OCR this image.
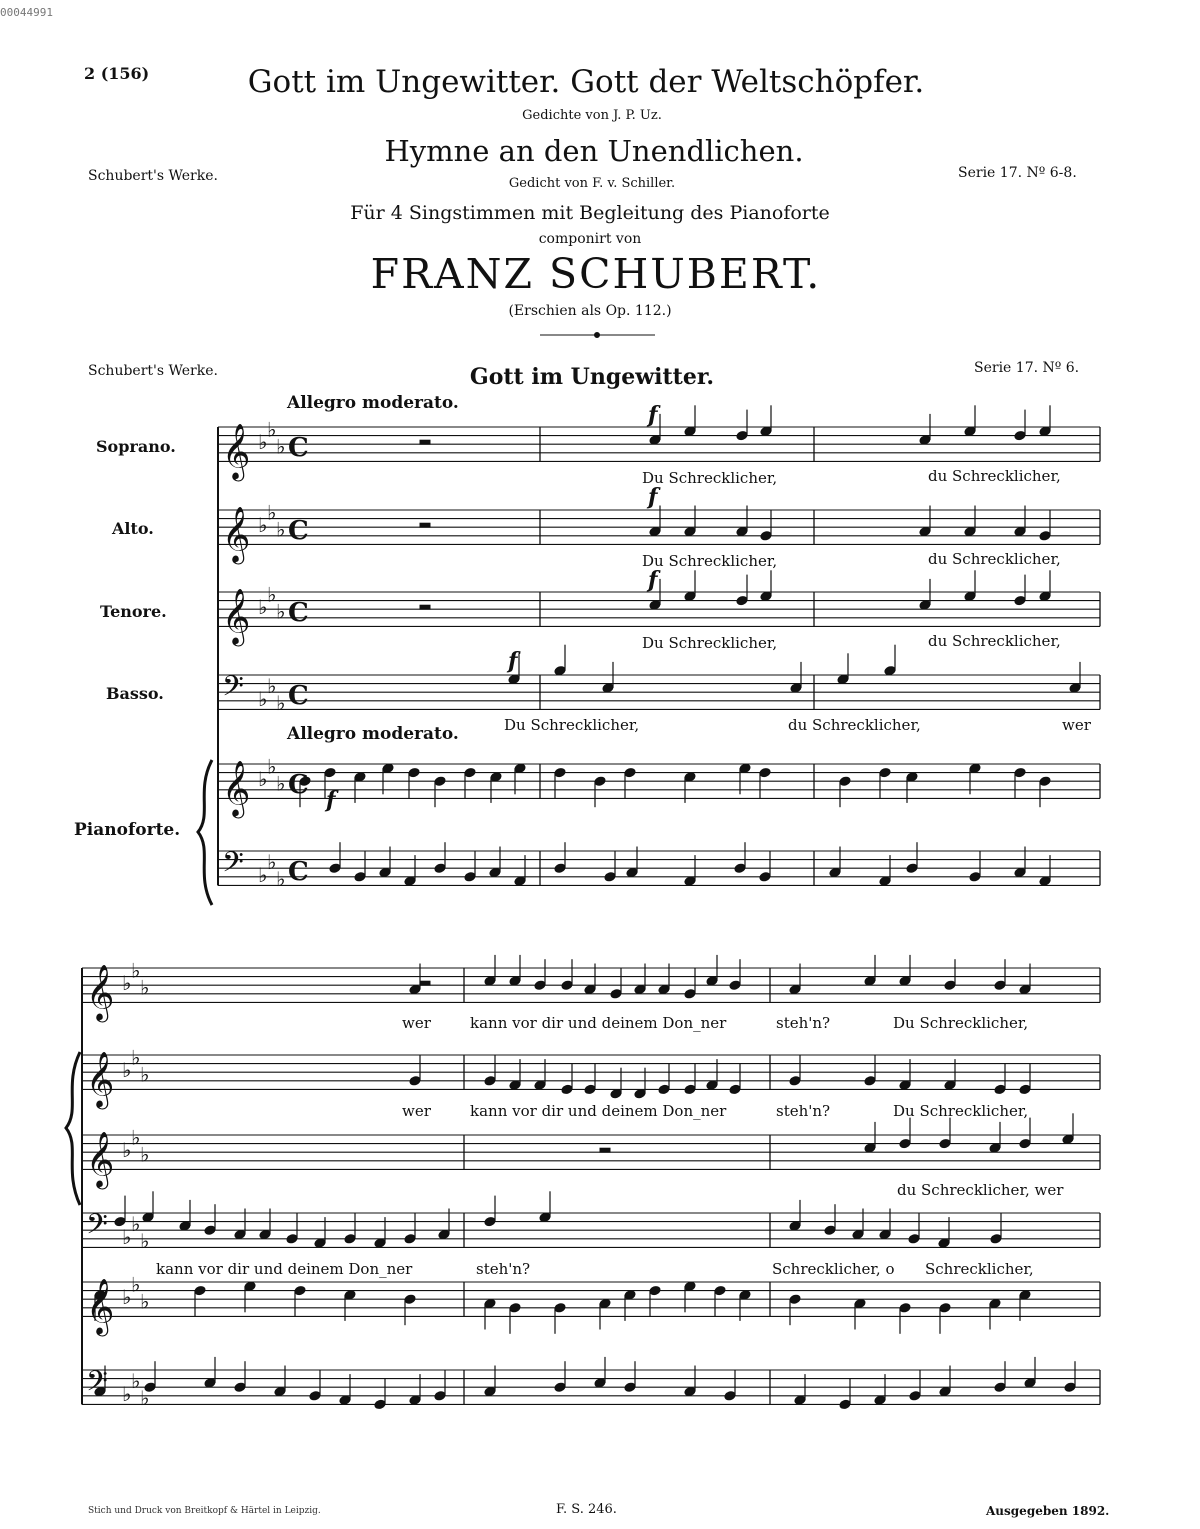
00044991
2 (156)	Gott im Ungewitter. Gott der Weltschöpfer.
Gedichte von J. P. Uz.
Hymne an den Unendlichen.
Gedicht von F. v. Schiller.
Für 4 Singstimmen mit Begleitung des Pianoforte
componirt von
FRANZ SCHUBERT.
(Erschien als Op. 112.)
Schubert's Werke.	Serie 17. Nº 6-8.
Schubert's Werke.	Serie 17. Nº 6.
Gott im Ungewitter.
Allegro moderato.
Allegro moderato.
Soprano.
Alto.
Tenore.
Basso.
Pianoforte.
f
f
f
f
f
Du Schrecklicher,	du Schrecklicher,
Du Schrecklicher,	du Schrecklicher,
Du Schrecklicher,	du Schrecklicher,
Du Schrecklicher,	du Schrecklicher,	wer
wer	kann vor dir und deinem Don_ner	steh'n?	Du Schrecklicher,
wer	kann vor dir und deinem Don_ner	steh'n?	Du Schrecklicher,
du Schrecklicher, wer
kann vor dir und deinem Don_ner	steh'n?	Schrecklicher, o Schrecklicher,
Stich und Druck von Breitkopf & Härtel in Leipzig.	F. S. 246.	Ausgegeben 1892.
𝄞 ♭
♭
♭ C
𝄞 ♭
♭
♭ C
𝄞 ♭
♭
♭ C
𝄢 ♭
♭
♭ C
𝄞 ♭
♭
♭ C
𝄢 ♭
♭
♭ C
𝄞 ♭
♭
♭
𝄞 ♭
♭
♭
𝄞 ♭
♭
♭
𝄢 ♭
♭
♭
𝄞 ♭
♭
♭
𝄢 ♭
♭
♭
